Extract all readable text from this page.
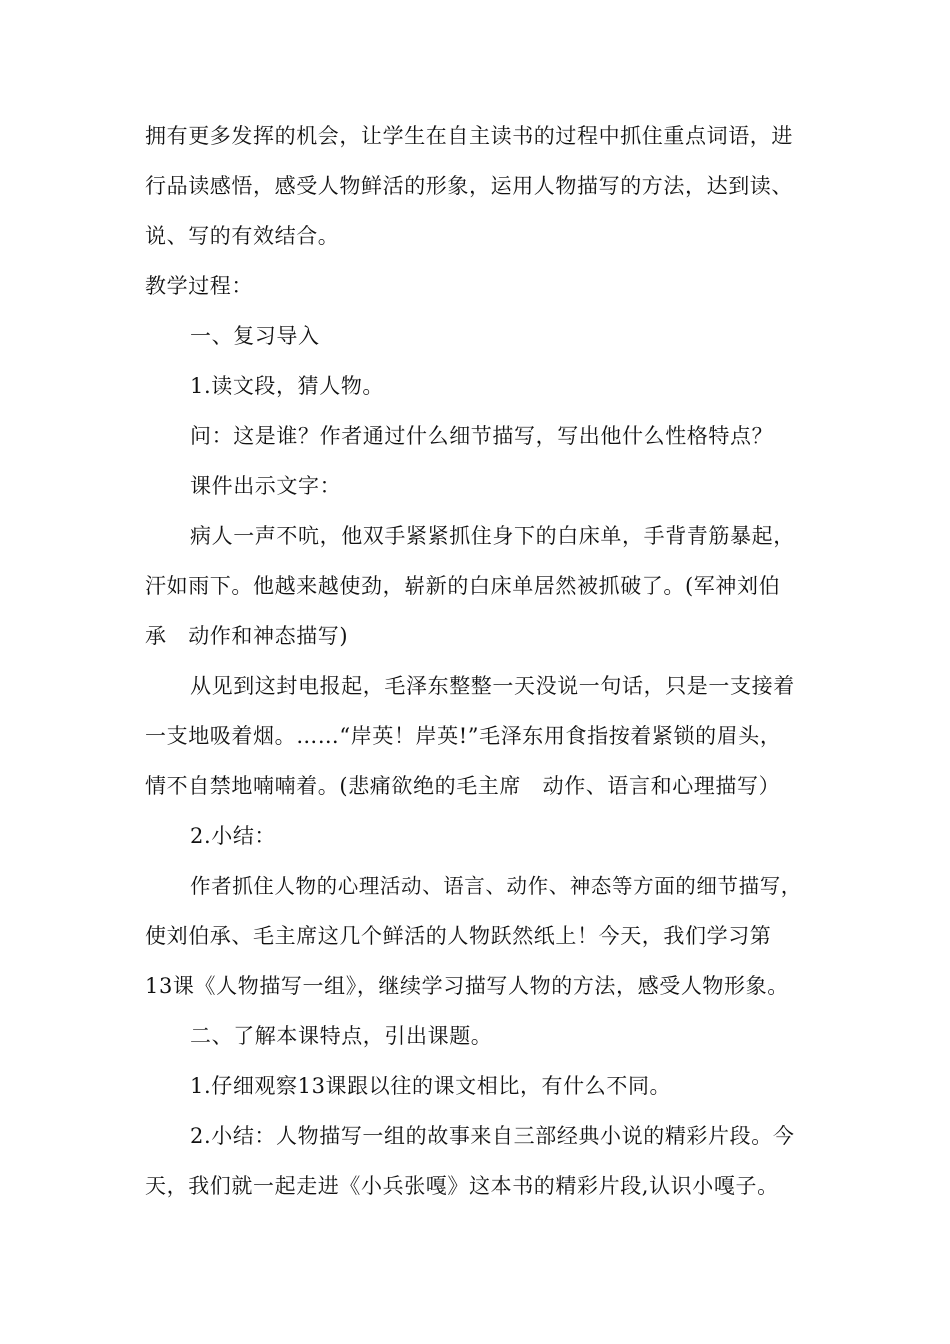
拥有更多发挥的机会，让学生在自主读书的过程中抓住重点词语，进
行品读感悟，感受人物鲜活的形象，运用人物描写的方法，达到读、
说、写的有效结合。
教学过程：
一、复习导入
1.读文段，猜人物。
问：这是谁？作者通过什么细节描写，写出他什么性格特点？
课件出示文字：
病人一声不吭，他双手紧紧抓住身下的白床单，手背青筋暴起，
汗如雨下。他越来越使劲，崭新的白床单居然被抓破了。(军神刘伯
承　动作和神态描写)
从见到这封电报起，毛泽东整整一天没说一句话，只是一支接着
一支地吸着烟。……“岸英！岸英!”毛泽东用食指按着紧锁的眉头，
情不自禁地喃喃着。(悲痛欲绝的毛主席　动作、语言和心理描写）
2.小结：
作者抓住人物的心理活动、语言、动作、神态等方面的细节描写，
使刘伯承、毛主席这几个鲜活的人物跃然纸上！今天，我们学习第
13课《人物描写一组》，继续学习描写人物的方法，感受人物形象。
二、了解本课特点，引出课题。
1.仔细观察13课跟以往的课文相比，有什么不同。
2.小结：人物描写一组的故事来自三部经典小说的精彩片段。今
天，我们就一起走进《小兵张嘎》这本书的精彩片段,认识小嘎子。
